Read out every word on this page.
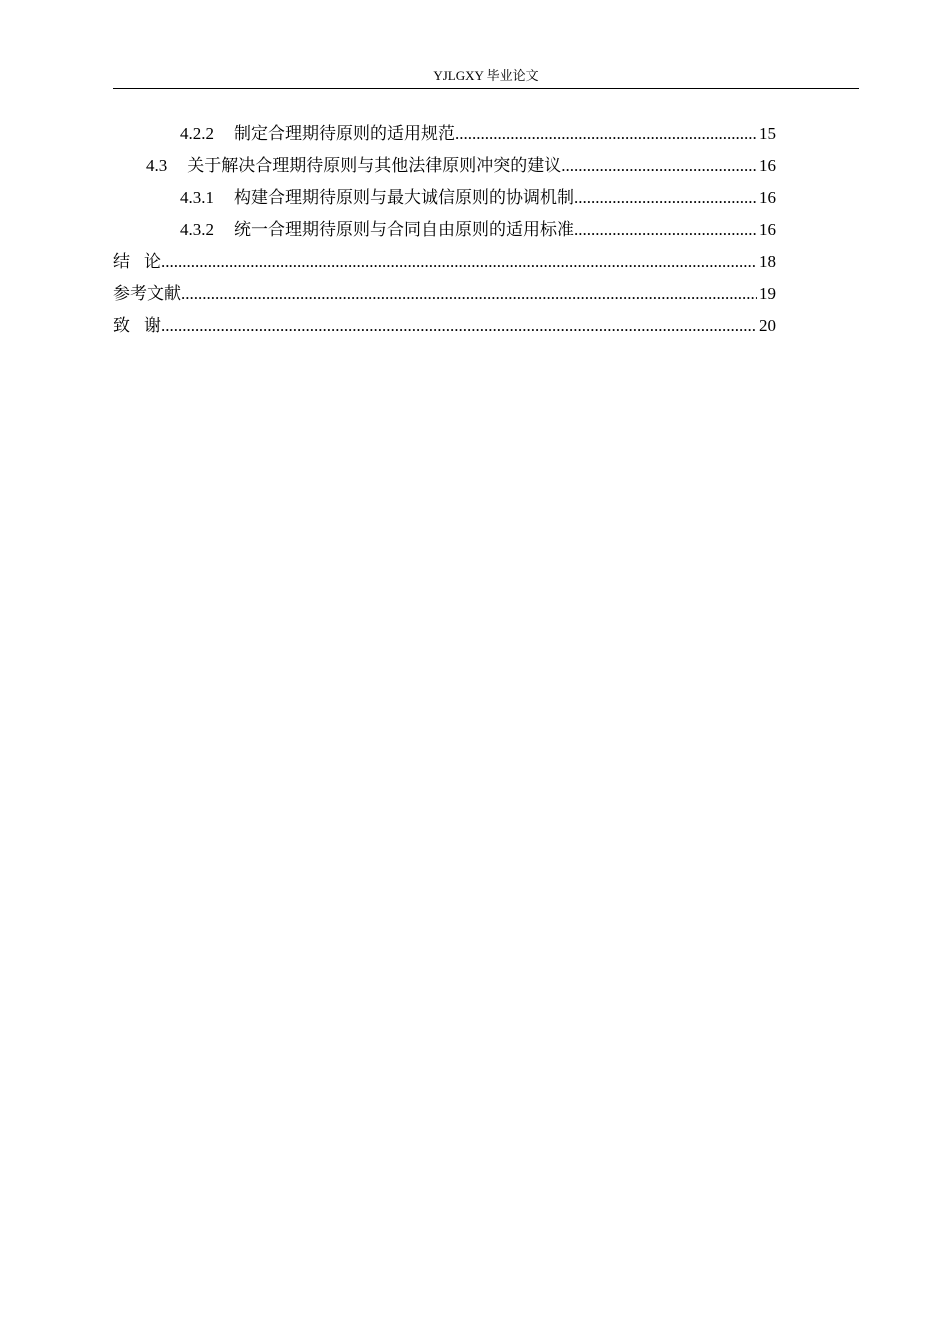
YJLGXY 毕业论文
4.2.2 制定合理期待原则的适用规范 .....	15
4.3 关于解决合理期待原则与其他法律原则冲突的建议 .....	16
4.3.1 构建合理期待原则与最大诚信原则的协调机制 .....	16
4.3.2 统一合理期待原则与合同自由原则的适用标准 .....	16
结 论 .....	18
参考文献 .....	19
致 谢 .....	20
